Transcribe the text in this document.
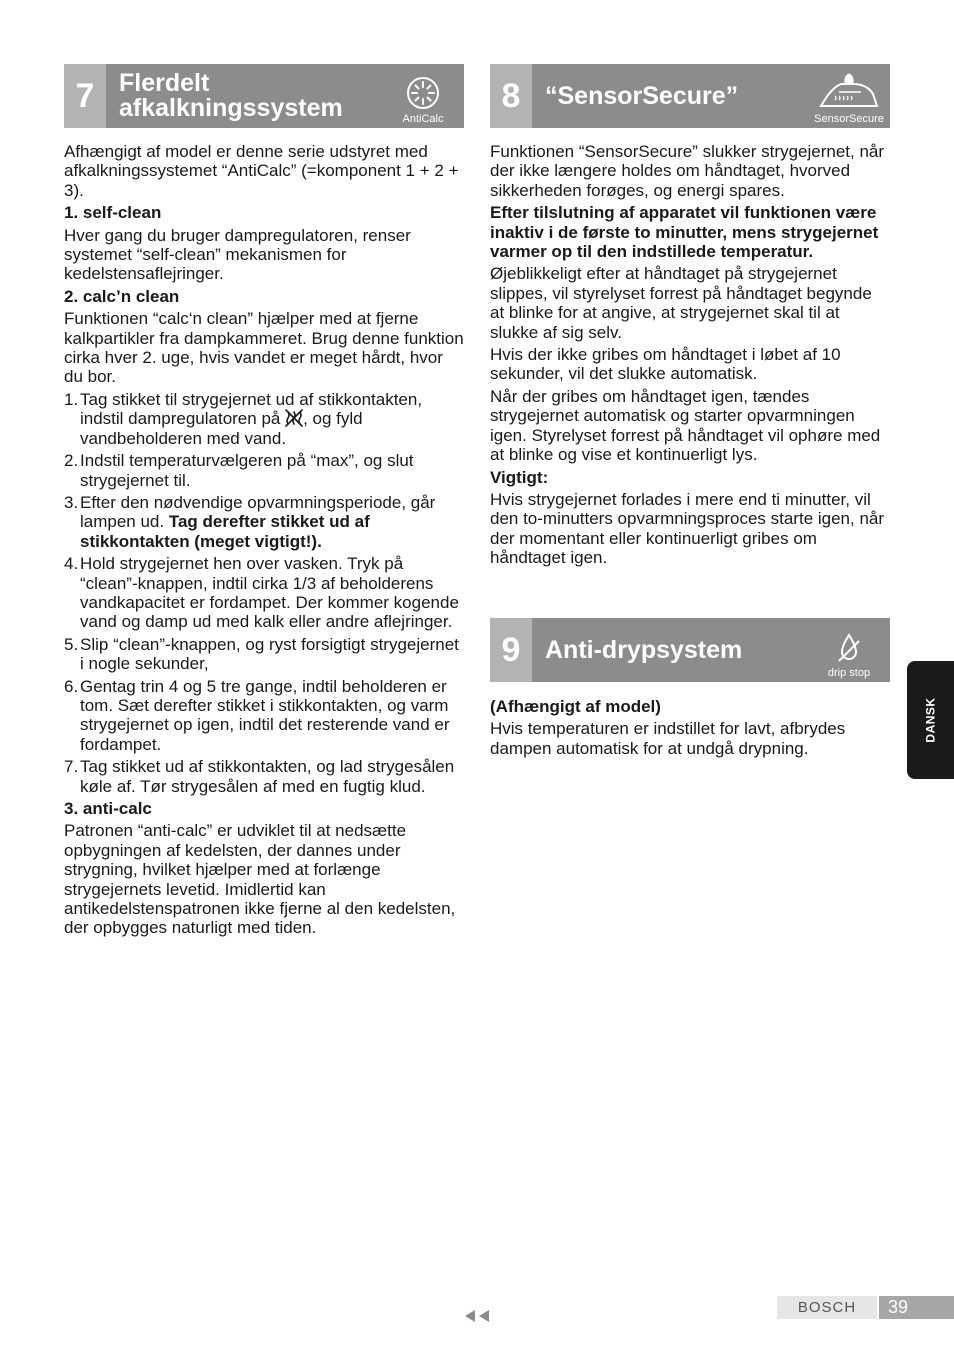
7 Flerdelt
afkalkningssystem	AntiCalc

Afhængigt af model er denne serie udstyret med afkalkningssystemet “AntiCalc” (=komponent 1 + 2 + 3).

1. self-clean

Hver gang du bruger dampregulatoren, renser systemet “self-clean” mekanismen for kedelstensaflejringer.

2. calc’n clean

Funktionen “calc‘n clean” hjælper med at fjerne kalkpartikler fra dampkammeret. Brug denne funktion cirka hver 2. uge, hvis vandet er meget hårdt, hvor du bor.

1. Tag stikket til strygejernet ud af stikkontakten, indstil dampregulatoren på , og fyld vandbeholderen med vand.
2. Indstil temperaturvælgeren på “max”, og slut strygejernet til.
3. Efter den nødvendige opvarmningsperiode, går lampen ud. Tag derefter stikket ud af stikkontakten (meget vigtigt!).
4. Hold strygejernet hen over vasken. Tryk på “clean”-knappen, indtil cirka 1/3 af beholderens vandkapacitet er fordampet. Der kommer kogende vand og damp ud med kalk eller andre aflejringer.
5. Slip “clean”-knappen, og ryst forsigtigt strygejernet i nogle sekunder,
6. Gentag trin 4 og 5 tre gange, indtil beholderen er tom. Sæt derefter stikket i stikkontakten, og varm strygejernet op igen, indtil det resterende vand er fordampet.
7. Tag stikket ud af stikkontakten, og lad strygesålen køle af. Tør strygesålen af med en fugtig klud.

3. anti-calc

Patronen “anti-calc” er udviklet til at nedsætte opbygningen af kedelsten, der dannes under strygning, hvilket hjælper med at forlænge strygejernets levetid. Imidlertid kan antikedelstenspatronen ikke fjerne al den kedelsten, der opbygges naturligt med tiden.

8 “SensorSecure”
SensorSecure

Funktionen “SensorSecure” slukker strygejernet, når der ikke længere holdes om håndtaget, hvorved sikkerheden forøges, og energi spares.

Efter tilslutning af apparatet vil funktionen være inaktiv i de første to minutter, mens strygejernet varmer op til den indstillede temperatur.

Øjeblikkeligt efter at håndtaget på strygejernet slippes, vil styrelyset forrest på håndtaget begynde at blinke for at angive, at strygejernet skal til at slukke af sig selv.

Hvis der ikke gribes om håndtaget i løbet af 10 sekunder, vil det slukke automatisk.

Når der gribes om håndtaget igen, tændes strygejernet automatisk og starter opvarmningen igen. Styrelyset forrest på håndtaget vil ophøre med at blinke og vise et kontinuerligt lys.

Vigtigt:

Hvis strygejernet forlades i mere end ti minutter, vil den to-minutters opvarmningsproces starte igen, når der momentant eller kontinuerligt gribes om håndtaget igen.

9 Anti-drypsystem
drip stop

(Afhængigt af model)

Hvis temperaturen er indstillet for lavt, afbrydes dampen automatisk for at undgå drypning.

DANSK
BOSCH	39
